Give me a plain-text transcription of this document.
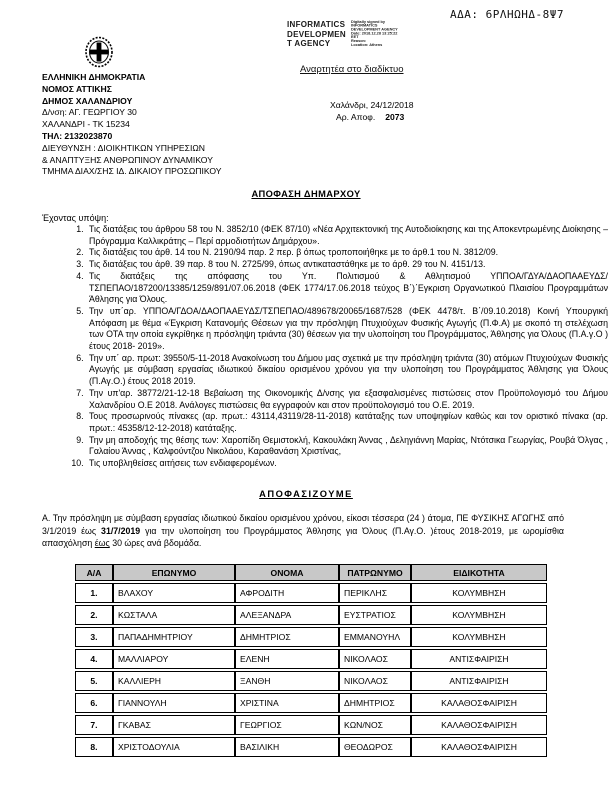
ΑΔΑ: 6ΡΛΗΩΗΔ-8Ψ7
INFORMATICS
DEVELOPMEN
T AGENCY
Digitally signed by
INFORMATICS
DEVELOPMENT AGENCY
Date: 2018.12.28 13:25:22
EET
Reason:
Location: Athens
Αναρτητέα στο διαδίκτυο
ΕΛΛΗΝΙΚΗ ΔΗΜΟΚΡΑΤΙΑ
ΝΟΜΟΣ ΑΤΤΙΚΗΣ
ΔΗΜΟΣ ΧΑΛΑΝΔΡΙΟΥ
Δ/νση: ΑΓ. ΓΕΩΡΓΙΟΥ 30
ΧΑΛΑΝΔΡΙ - ΤΚ 15234
ΤΗΛ: 2132023870
ΔΙΕΥΘΥΝΣΗ : ΔΙΟΙΚΗΤΙΚΩΝ ΥΠΗΡΕΣΙΩΝ
& ΑΝΑΠΤΥΞΗΣ ΑΝΘΡΩΠΙΝΟΥ ΔΥΝΑΜΙΚΟΥ
ΤΜΗΜΑ ΔΙΑΧ/ΣΗΣ ΙΔ. ΔΙΚΑΙΟΥ ΠΡΟΣΩΠΙΚΟΥ
Χαλάνδρι, 24/12/2018
Αρ. Αποφ. 2073
ΑΠΟΦΑΣΗ ΔΗΜΑΡΧΟΥ
Έχοντας υπόψη:
1. Τις διατάξεις του άρθρου 58 του Ν. 3852/10 (ΦΕΚ 87/10) «Νέα Αρχιτεκτονική της Αυτοδιοίκησης και της Αποκεντρωμένης Διοίκησης – Πρόγραμμα Καλλικράτης – Περί αρμοδιοτήτων Δημάρχου».
2. Τις διατάξεις του άρθ. 14 του Ν. 2190/94 παρ. 2 περ. β όπως τροποποιήθηκε με το άρθ.1 του Ν. 3812/09.
3. Τις διατάξεις του άρθ. 39 παρ. 8 του Ν. 2725/99, όπως αντικαταστάθηκε με το άρθ. 29 του Ν. 4151/13.
4. Τις διατάξεις της απόφασης του Υπ. Πολιτισμού & Αθλητισμού ΥΠΠΟΑ/ΓΔΥΑ/ΔΑΟΠΑΑΕΥΔΣ/ ΤΣΠΕΠΑΟ/187200/13385/1259/891/07.06.2018 (ΦΕΚ 1774/17.06.2018 τεύχος Β΄)΄Εγκριση Οργανωτικού Πλαισίου Προγραμμάτων Άθλησης για Όλους.
5. Την υπ΄αρ. ΥΠΠΟΑ/ΓΔΟΑ/ΔΑΟΠΑΑΕΥΔΣ/ΤΣΠΕΠΑΟ/489678/20065/1687/528 (ΦΕΚ 4478/τ. Β΄/09.10.2018) Κοινή Υπουργική Απόφαση με θέμα «Έγκριση Κατανομής Θέσεων για την πρόσληψη Πτυχιούχων Φυσικής Αγωγής (Π.Φ.Α) με σκοπό τη στελέχωση των ΟΤΑ την οποία εγκρίθηκε η πρόσληψη τριάντα (30) θέσεων για την υλοποίηση του Προγράμματος, Άθλησης για Όλους (Π.Α.γ.Ο ) έτους 2018- 2019».
6. Την υπ΄ αρ. πρωτ: 39550/5-11-2018 Ανακοίνωση του Δήμου μας σχετικά με την πρόσληψη τριάντα (30) ατόμων Πτυχιούχων Φυσικής Αγωγής με σύμβαση εργασίας ιδιωτικού δικαίου ορισμένου χρόνου για την υλοποίηση του Προγράμματος Άθλησης για Όλους (Π.Αγ.Ο.) έτους 2018 2019.
7. Την υπ'αρ. 38772/21-12-18 Βεβαίωση της Οικονομικής Δ/νσης για εξασφαλισμένες πιστώσεις στον Προϋπολογισμό του Δήμου Χαλανδρίου Ο.Ε 2018. Ανάλογες πιστώσεις θα εγγραφούν και στον προϋπολογισμό του Ο.Ε. 2019.
8. Τους προσωρινούς πίνακες (αρ. πρωτ.: 43114,43119/28-11-2018) κατάταξης των υποψηφίων καθώς και τον οριστικό πίνακα (αρ. πρωτ.: 45358/12-12-2018) κατάταξης.
9. Την μη αποδοχής της θέσης των: Χαροπίδη Θεμιστοκλή, Κακουλάκη Άννας , Δεληγιάννη Μαρίας, Ντότσικα Γεωργίας, Ρουβά Όλγας , Γαλαίου Άννας , Καλφούντζου Νικολάου, Καραθανάση Χριστίνας,
10. Τις υποβληθείσες αιτήσεις των ενδιαφερομένων.
ΑΠΟΦΑΣΙΖΟΥΜΕ
Α. Την πρόσληψη με σύμβαση εργασίας ιδιωτικού δικαίου ορισμένου χρόνου, είκοσι τέσσερα (24 ) άτομα, ΠΕ ΦΥΣΙΚΗΣ ΑΓΩΓΗΣ από 3/1/2019 έως 31/7/2019 για την υλοποίηση του Προγράμματος Άθλησης για Όλους (Π.Αγ.Ο. )έτους 2018-2019, με ωρομίσθια απασχόληση έως 30 ώρες ανά βδομάδα.
Α/Α	ΕΠΩΝΥΜΟ	ΟΝΟΜΑ	ΠΑΤΡΩΝΥΜΟ	ΕΙΔΙΚΟΤΗΤΑ
1.	ΒΛΑΧΟΥ	ΑΦΡΟΔΙΤΗ	ΠΕΡΙΚΛΗΣ	ΚΟΛΥΜΒΗΣΗ
2.	ΚΩΣΤΑΛΑ	ΑΛΕΞΑΝΔΡΑ	ΕΥΣΤΡΑΤΙΟΣ	ΚΟΛΥΜΒΗΣΗ
3.	ΠΑΠΑΔΗΜΗΤΡΙΟΥ	ΔΗΜΗΤΡΙΟΣ	ΕΜΜΑΝΟΥΗΛ	ΚΟΛΥΜΒΗΣΗ
4.	ΜΑΛΛΙΑΡΟΥ	ΕΛΕΝΗ	ΝΙΚΟΛΑΟΣ	ΑΝΤΙΣΦΑΙΡΙΣΗ
5.	ΚΑΛΛΙΕΡΗ	ΞΑΝΘΗ	ΝΙΚΟΛΑΟΣ	ΑΝΤΙΣΦΑΙΡΙΣΗ
6.	ΓΙΑΝΝΟΥΛΗ	ΧΡΙΣΤΙΝΑ	ΔΗΜΗΤΡΙΟΣ	ΚΑΛΑΘΟΣΦΑΙΡΙΣΗ
7.	ΓΚΑΒΑΣ	ΓΕΩΡΓΙΟΣ	ΚΩΝ/ΝΟΣ	ΚΑΛΑΘΟΣΦΑΙΡΙΣΗ
8.	ΧΡΙΣΤΟΔΟΥΛΙΑ	ΒΑΣΙΛΙΚΗ	ΘΕΟΔΩΡΟΣ	ΚΑΛΑΘΟΣΦΑΙΡΙΣΗ
